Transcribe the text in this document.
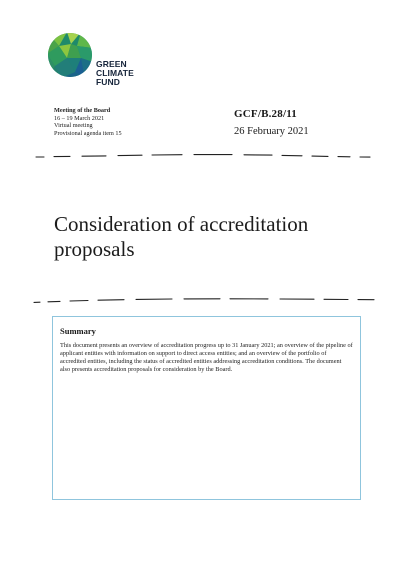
GREEN
CLIMATE
FUND
Meeting of the Board
16 – 19 March 2021
Virtual meeting
Provisional agenda item 15
GCF/B.28/11
26 February 2021
Consideration of accreditation proposals
Summary
This document presents an overview of accreditation progress up to 31 January 2021; an overview of the pipeline of applicant entities with information on support to direct access entities; and an overview of the portfolio of accredited entities, including the status of accredited entities addressing accreditation conditions. The document also presents accreditation proposals for consideration by the Board.
